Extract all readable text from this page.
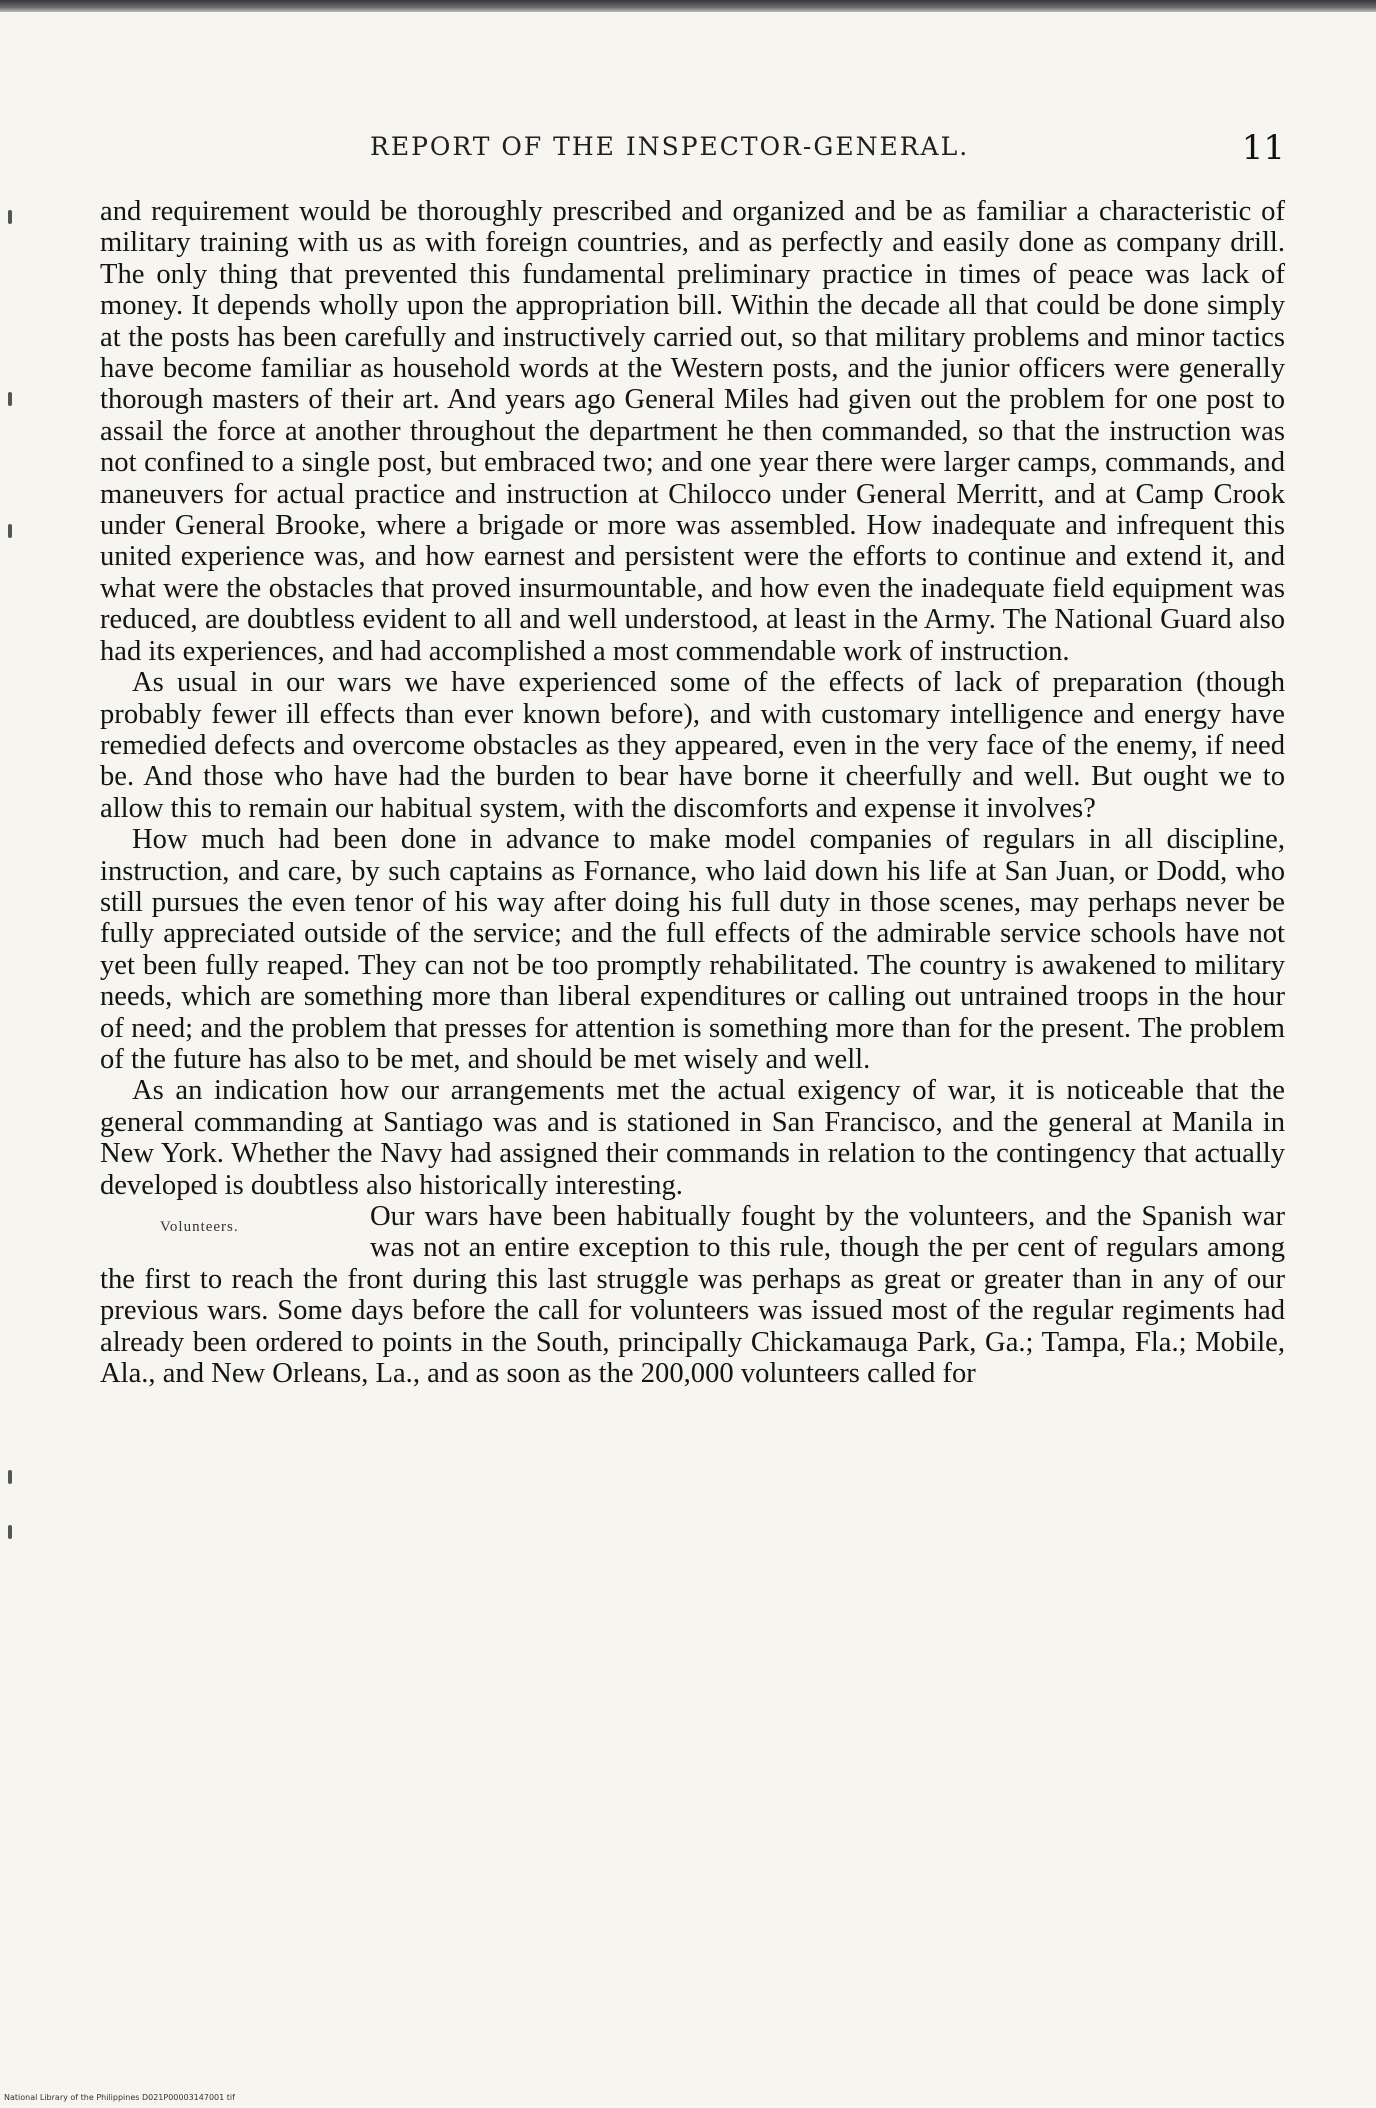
REPORT OF THE INSPECTOR-GENERAL.	11

and requirement would be thoroughly prescribed and organized and be as familiar a characteristic of military training with us as with foreign countries, and as perfectly and easily done as company drill. The only thing that prevented this fundamental preliminary practice in times of peace was lack of money. It depends wholly upon the appropriation bill. Within the decade all that could be done simply at the posts has been carefully and instructively carried out, so that military problems and minor tactics have become familiar as household words at the Western posts, and the junior officers were generally thorough masters of their art. And years ago General Miles had given out the problem for one post to assail the force at another throughout the department he then commanded, so that the instruction was not confined to a single post, but embraced two; and one year there were larger camps, commands, and maneuvers for actual practice and instruction at Chilocco under General Merritt, and at Camp Crook under General Brooke, where a brigade or more was assembled. How inadequate and infrequent this united experience was, and how earnest and persistent were the efforts to continue and extend it, and what were the obstacles that proved insurmountable, and how even the inadequate field equipment was reduced, are doubtless evident to all and well understood, at least in the Army. The National Guard also had its experiences, and had accomplished a most commendable work of instruction.

As usual in our wars we have experienced some of the effects of lack of preparation (though probably fewer ill effects than ever known before), and with customary intelligence and energy have remedied defects and overcome obstacles as they appeared, even in the very face of the enemy, if need be. And those who have had the burden to bear have borne it cheerfully and well. But ought we to allow this to remain our habitual system, with the discomforts and expense it involves?

How much had been done in advance to make model companies of regulars in all discipline, instruction, and care, by such captains as Fornance, who laid down his life at San Juan, or Dodd, who still pursues the even tenor of his way after doing his full duty in those scenes, may perhaps never be fully appreciated outside of the service; and the full effects of the admirable service schools have not yet been fully reaped. They can not be too promptly rehabilitated. The country is awakened to military needs, which are something more than liberal expenditures or calling out untrained troops in the hour of need; and the problem that presses for attention is something more than for the present. The problem of the future has also to be met, and should be met wisely and well.

As an indication how our arrangements met the actual exigency of war, it is noticeable that the general commanding at Santiago was and is stationed in San Francisco, and the general at Manila in New York. Whether the Navy had assigned their commands in relation to the contingency that actually developed is doubtless also historically interesting.

Volunteers.	Our wars have been habitually fought by the volunteers, and the Spanish war was not an entire exception to this rule, though the per cent of regulars among the first to reach the front during this last struggle was perhaps as great or greater than in any of our previous wars. Some days before the call for volunteers was issued most of the regular regiments had already been ordered to points in the South, principally Chickamauga Park, Ga.; Tampa, Fla.; Mobile, Ala., and New Orleans, La., and as soon as the 200,000 volunteers called for
National Library of the Philippines D021P00003147001 tif
